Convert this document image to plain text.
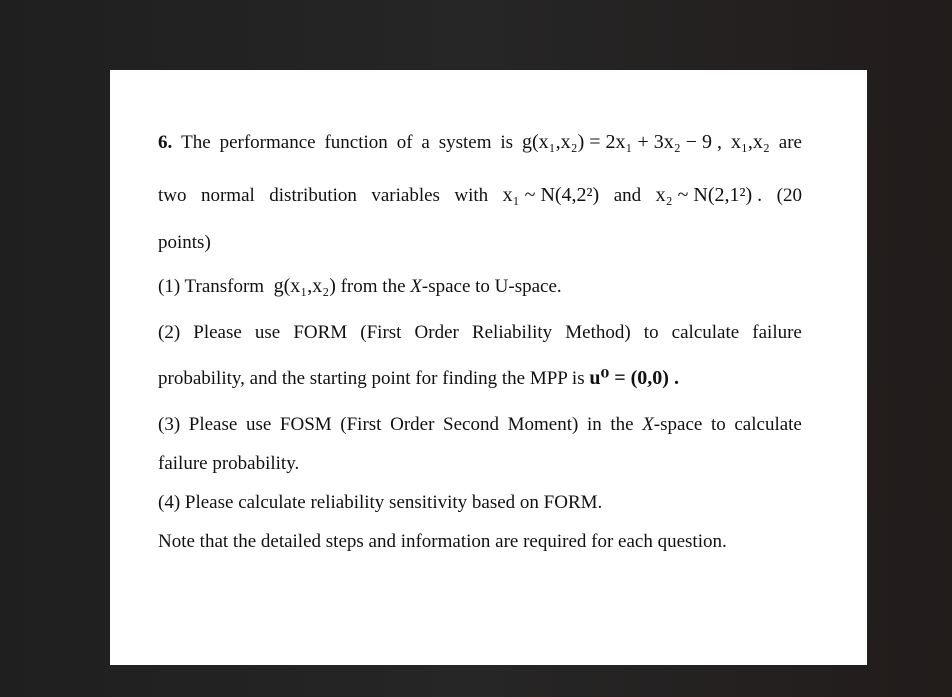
6. The performance function of a system is g(x₁,x₂) = 2x₁ + 3x₂ − 9 , x₁,x₂ are
two normal distribution variables with x₁ ~ N(4,2²) and x₂ ~ N(2,1²) . (20
points)
(1) Transform g(x₁,x₂) from the X-space to U-space.
(2) Please use FORM (First Order Reliability Method) to calculate failure
probability, and the starting point for finding the MPP is u⁰ = (0,0) .
(3) Please use FOSM (First Order Second Moment) in the X-space to calculate
failure probability.
(4) Please calculate reliability sensitivity based on FORM.
Note that the detailed steps and information are required for each question.
